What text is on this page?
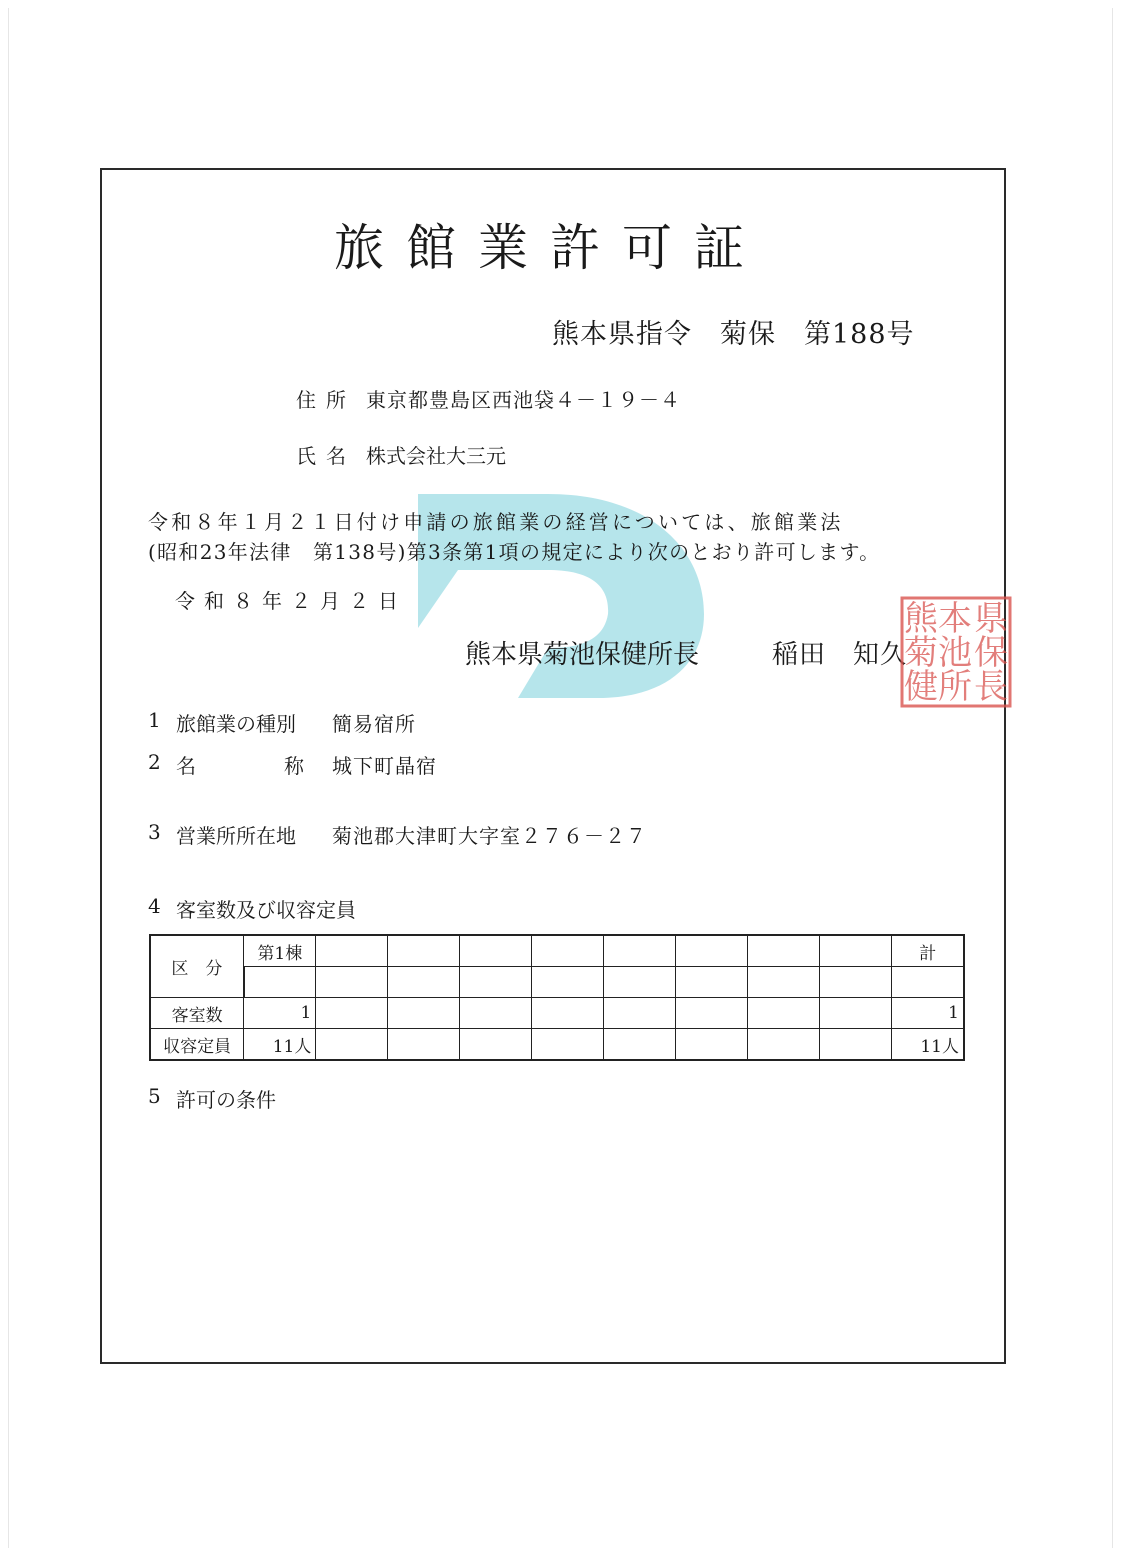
旅館業許可証
熊本県指令　菊保　第188号
住所 東京都豊島区西池袋４－１９－４
氏名 株式会社大三元
令和８年１月２１日付け申請の旅館業の経営については、旅館業法
(昭和23年法律　第138号)第3条第1項の規定により次のとおり許可します。
令和８年２月２日
熊本県菊池保健所長	稲田　知久
県
保
長
本
池
所
熊
菊
健
1 旅館業の種別 簡易宿所
2 名	称 城下町晶宿
3 営業所所在地 菊池郡大津町大字室２７６－２７
4 客室数及び収容定員
区　分	第1棟									計

客室数	1									1
収容定員	11人									11人
5 許可の条件
